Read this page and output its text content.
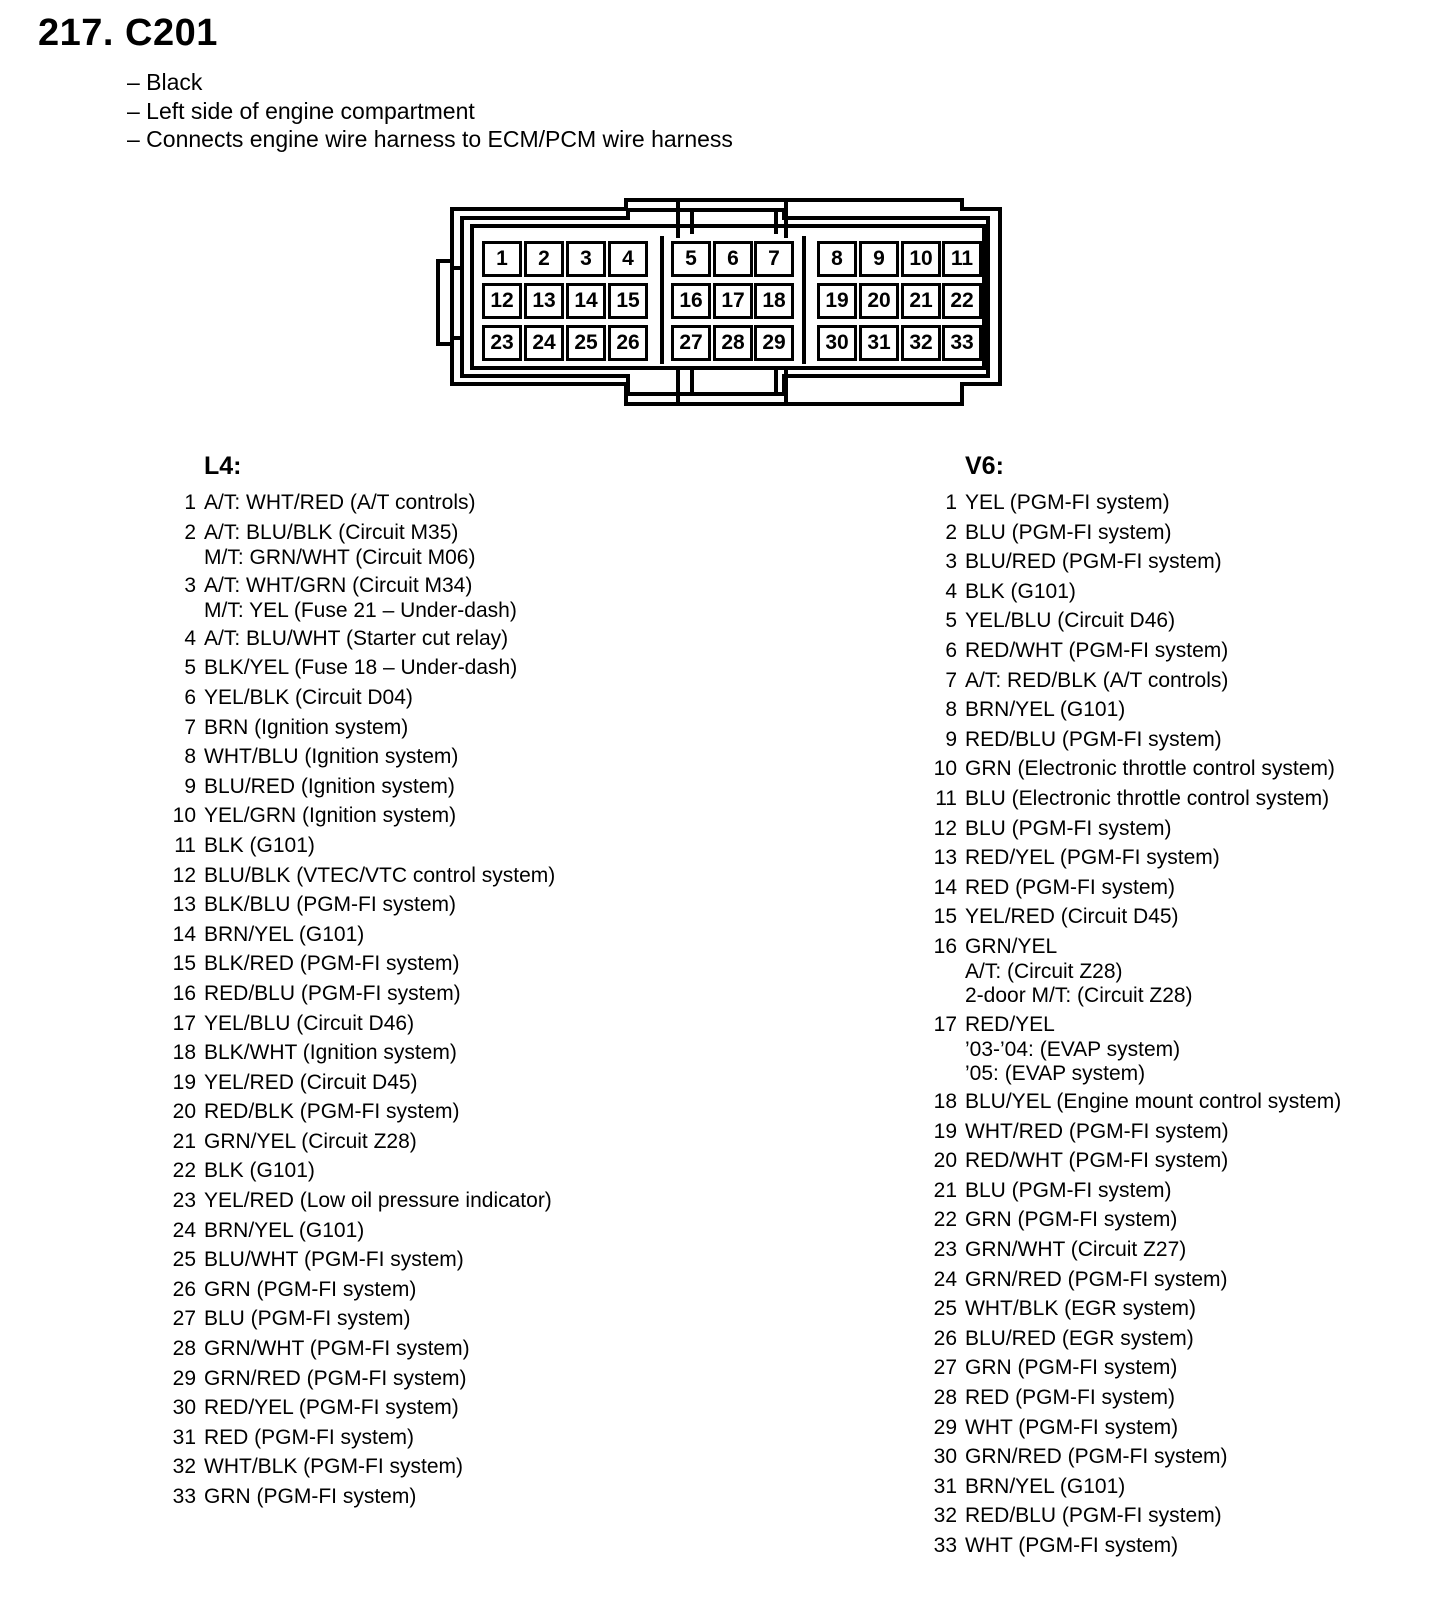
217. C201
– Black
– Left side of engine compartment
– Connects engine wire harness to ECM/PCM wire harness
1	2	3	4	5	6	7	8	9	10 11
12 13 14 15	16 17 18	19 20 21 22
23 24 25 26	27 28 29	30 31 32 33
L4:
1 A/T: WHT/RED (A/T controls)
2 A/T: BLU/BLK (Circuit M35)
M/T: GRN/WHT (Circuit M06)
3 A/T: WHT/GRN (Circuit M34)
M/T: YEL (Fuse 21 – Under-dash)
4 A/T: BLU/WHT (Starter cut relay)
5 BLK/YEL (Fuse 18 – Under-dash)
6 YEL/BLK (Circuit D04)
7 BRN (Ignition system)
8 WHT/BLU (Ignition system)
9 BLU/RED (Ignition system)
10 YEL/GRN (Ignition system)
11 BLK (G101)
12 BLU/BLK (VTEC/VTC control system)
13 BLK/BLU (PGM-FI system)
14 BRN/YEL (G101)
15 BLK/RED (PGM-FI system)
16 RED/BLU (PGM-FI system)
17 YEL/BLU (Circuit D46)
18 BLK/WHT (Ignition system)
19 YEL/RED (Circuit D45)
20 RED/BLK (PGM-FI system)
21 GRN/YEL (Circuit Z28)
22 BLK (G101)
23 YEL/RED (Low oil pressure indicator)
24 BRN/YEL (G101)
25 BLU/WHT (PGM-FI system)
26 GRN (PGM-FI system)
27 BLU (PGM-FI system)
28 GRN/WHT (PGM-FI system)
29 GRN/RED (PGM-FI system)
30 RED/YEL (PGM-FI system)
31 RED (PGM-FI system)
32 WHT/BLK (PGM-FI system)
33 GRN (PGM-FI system)
V6:
1 YEL (PGM-FI system)
2 BLU (PGM-FI system)
3 BLU/RED (PGM-FI system)
4 BLK (G101)
5 YEL/BLU (Circuit D46)
6 RED/WHT (PGM-FI system)
7 A/T: RED/BLK (A/T controls)
8 BRN/YEL (G101)
9 RED/BLU (PGM-FI system)
10 GRN (Electronic throttle control system)
11 BLU (Electronic throttle control system)
12 BLU (PGM-FI system)
13 RED/YEL (PGM-FI system)
14 RED (PGM-FI system)
15 YEL/RED (Circuit D45)
16 GRN/YEL
A/T: (Circuit Z28)
2-door M/T: (Circuit Z28)
17 RED/YEL
’03-’04: (EVAP system)
’05: (EVAP system)
18 BLU/YEL (Engine mount control system)
19 WHT/RED (PGM-FI system)
20 RED/WHT (PGM-FI system)
21 BLU (PGM-FI system)
22 GRN (PGM-FI system)
23 GRN/WHT (Circuit Z27)
24 GRN/RED (PGM-FI system)
25 WHT/BLK (EGR system)
26 BLU/RED (EGR system)
27 GRN (PGM-FI system)
28 RED (PGM-FI system)
29 WHT (PGM-FI system)
30 GRN/RED (PGM-FI system)
31 BRN/YEL (G101)
32 RED/BLU (PGM-FI system)
33 WHT (PGM-FI system)
